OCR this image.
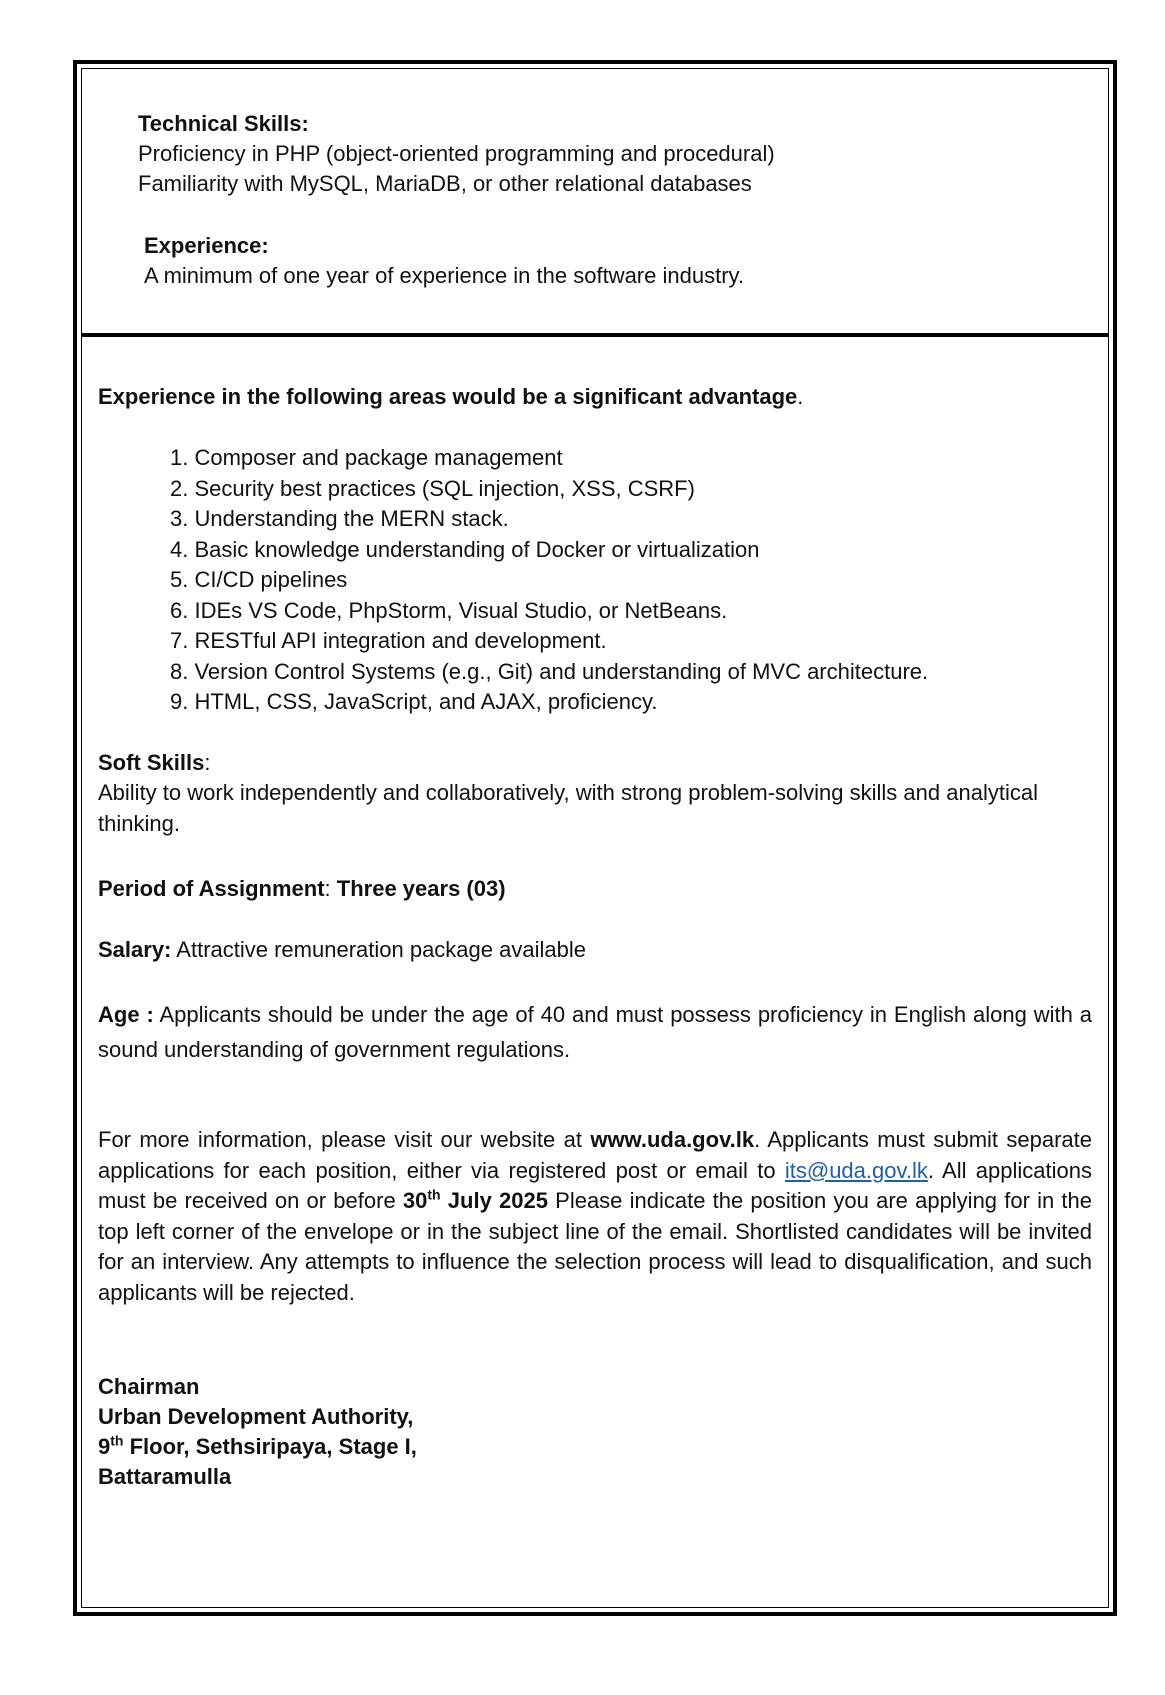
Technical Skills:
Proficiency in PHP (object-oriented programming and procedural)
Familiarity with MySQL, MariaDB, or other relational databases
Experience:
A minimum of one year of experience in the software industry.
Experience in the following areas would be a significant advantage.
1. Composer and package management
2. Security best practices (SQL injection, XSS, CSRF)
3. Understanding the MERN stack.
4. Basic knowledge understanding of Docker or virtualization
5. CI/CD pipelines
6. IDEs VS Code, PhpStorm, Visual Studio, or NetBeans.
7. RESTful API integration and development.
8. Version Control Systems (e.g., Git) and understanding of MVC architecture.
9. HTML, CSS, JavaScript, and AJAX, proficiency.
Soft Skills:
Ability to work independently and collaboratively, with strong problem-solving skills and analytical thinking.
Period of Assignment: Three years (03)
Salary: Attractive remuneration package available
Age : Applicants should be under the age of 40 and must possess proficiency in English along with a sound understanding of government regulations.
For more information, please visit our website at www.uda.gov.lk. Applicants must submit separate applications for each position, either via registered post or email to its@uda.gov.lk. All applications must be received on or before 30th July 2025 Please indicate the position you are applying for in the top left corner of the envelope or in the subject line of the email. Shortlisted candidates will be invited for an interview. Any attempts to influence the selection process will lead to disqualification, and such applicants will be rejected.
Chairman
Urban Development Authority,
9th Floor, Sethsiripaya, Stage I,
Battaramulla
